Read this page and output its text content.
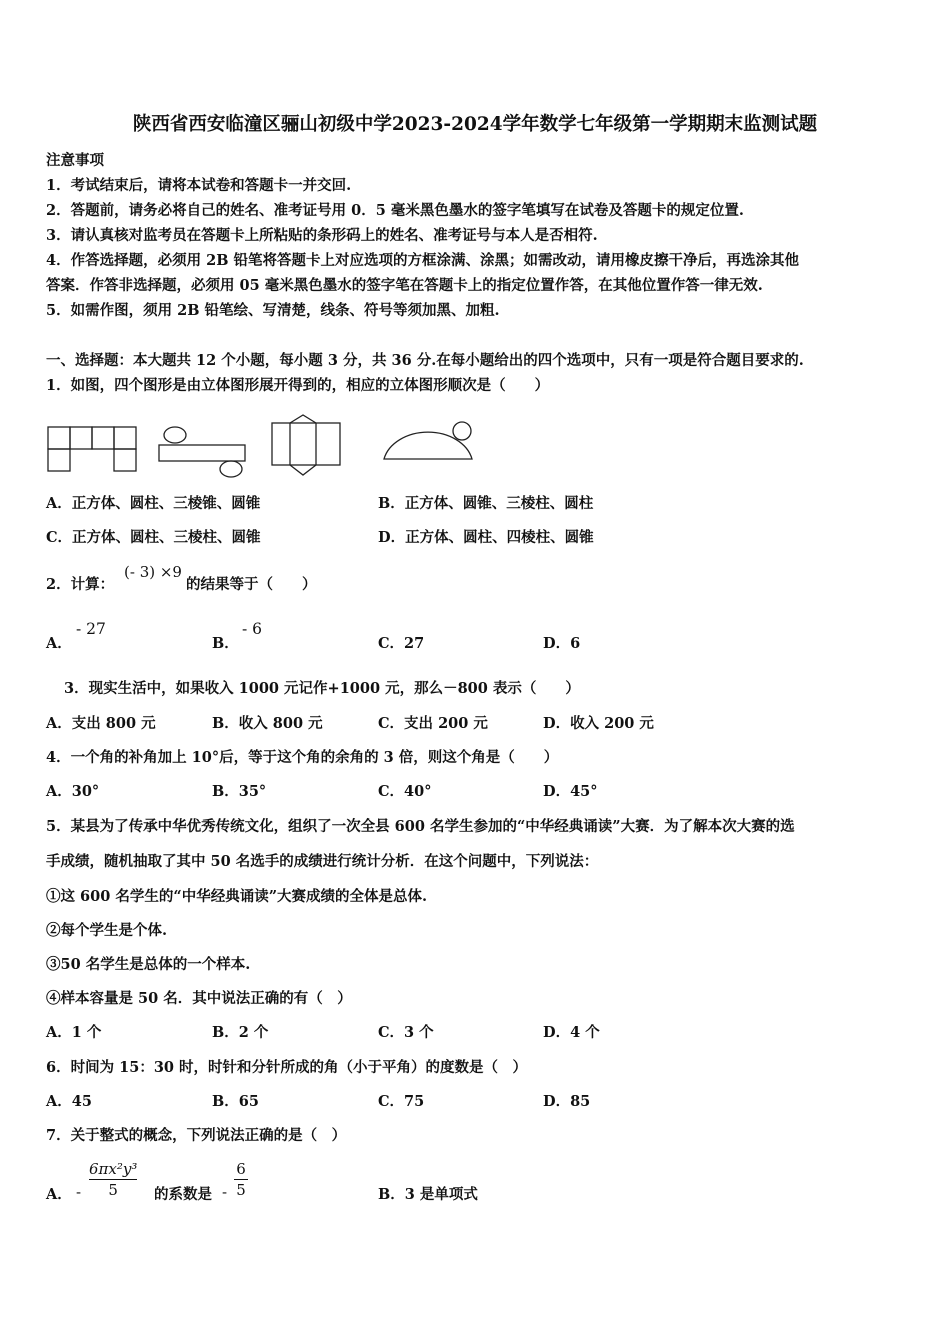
陕西省西安临潼区骊山初级中学2023-2024学年数学七年级第一学期期末监测试题
注意事项
1．考试结束后，请将本试卷和答题卡一并交回.
2．答题前，请务必将自己的姓名、准考证号用 0．5 毫米黑色墨水的签字笔填写在试卷及答题卡的规定位置.
3．请认真核对监考员在答题卡上所粘贴的条形码上的姓名、准考证号与本人是否相符.
4．作答选择题，必须用 2B 铅笔将答题卡上对应选项的方框涂满、涂黑；如需改动，请用橡皮擦干净后，再选涂其他
答案．作答非选择题，必须用 05 毫米黑色墨水的签字笔在答题卡上的指定位置作答，在其他位置作答一律无效.
5．如需作图，须用 2B 铅笔绘、写清楚，线条、符号等须加黑、加粗.
一、选择题：本大题共 12 个小题，每小题 3 分，共 36 分.在每小题给出的四个选项中，只有一项是符合题目要求的.
1．如图，四个图形是由立体图形展开得到的，相应的立体图形顺次是（　　）
A．正方体、圆柱、三棱锥、圆锥	B．正方体、圆锥、三棱柱、圆柱
C．正方体、圆柱、三棱柱、圆锥	D．正方体、圆柱、四棱柱、圆锥
2．计算：
(- 3) ×9
的结果等于（　　）
A．
- 27
B．
- 6
C．27	D．6
3．现实生活中，如果收入 1000 元记作+1000 元，那么－800 表示（　　）
A．支出 800 元	B．收入 800 元	C．支出 200 元	D．收入 200 元
4．一个角的补角加上 10°后，等于这个角的余角的 3 倍，则这个角是（　　）
A．30°	B．35°	C．40°	D．45°
5．某县为了传承中华优秀传统文化，组织了一次全县 600 名学生参加的“中华经典诵读”大赛．为了解本次大赛的选
手成绩，随机抽取了其中 50 名选手的成绩进行统计分析．在这个问题中，下列说法：
①这 600 名学生的“中华经典诵读”大赛成绩的全体是总体.
②每个学生是个体.
③50 名学生是总体的一个样本.
④样本容量是 50 名．其中说法正确的有（　）
A．1 个	B．2 个	C．3 个	D．4 个
6．时间为 15：30 时，时针和分针所成的角（小于平角）的度数是（　）
A．45	B．65	C．75	D．85
7．关于整式的概念，下列说法正确的是（　）
A． -
6πx²y³
5	的系数是 -
6
5	B．3 是单项式
